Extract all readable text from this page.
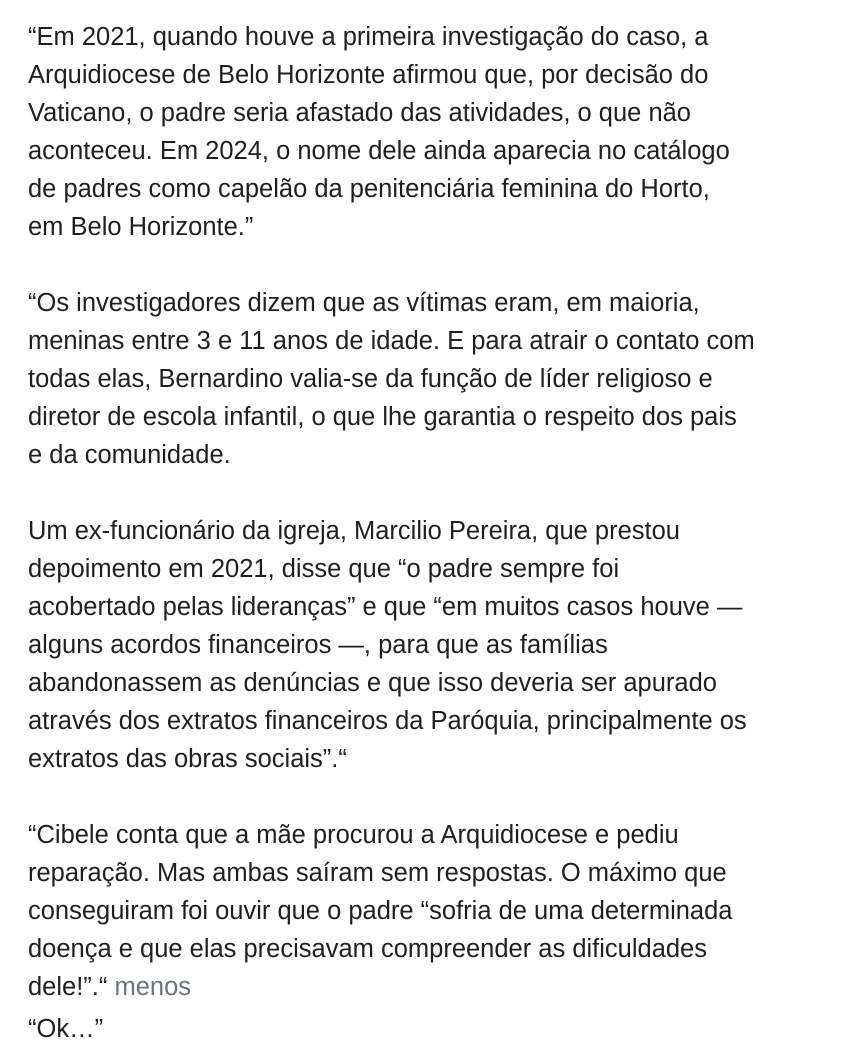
“Em 2021, quando houve a primeira investigação do caso, a
Arquidiocese de Belo Horizonte afirmou que, por decisão do
Vaticano, o padre seria afastado das atividades, o que não
aconteceu. Em 2024, o nome dele ainda aparecia no catálogo
de padres como capelão da penitenciária feminina do Horto,
em Belo Horizonte.”

“Os investigadores dizem que as vítimas eram, em maioria,
meninas entre 3 e 11 anos de idade. E para atrair o contato com
todas elas, Bernardino valia-se da função de líder religioso e
diretor de escola infantil, o que lhe garantia o respeito dos pais
e da comunidade.

Um ex-funcionário da igreja, Marcilio Pereira, que prestou
depoimento em 2021, disse que “o padre sempre foi
acobertado pelas lideranças” e que “em muitos casos houve —
alguns acordos financeiros —, para que as famílias
abandonassem as denúncias e que isso deveria ser apurado
através dos extratos financeiros da Paróquia, principalmente os
extratos das obras sociais”.“

“Cibele conta que a mãe procurou a Arquidiocese e pediu
reparação. Mas ambas saíram sem respostas. O máximo que
conseguiram foi ouvir que o padre “sofria de uma determinada
doença e que elas precisavam compreender as dificuldades
dele!”.“ menos

“Ok…”
